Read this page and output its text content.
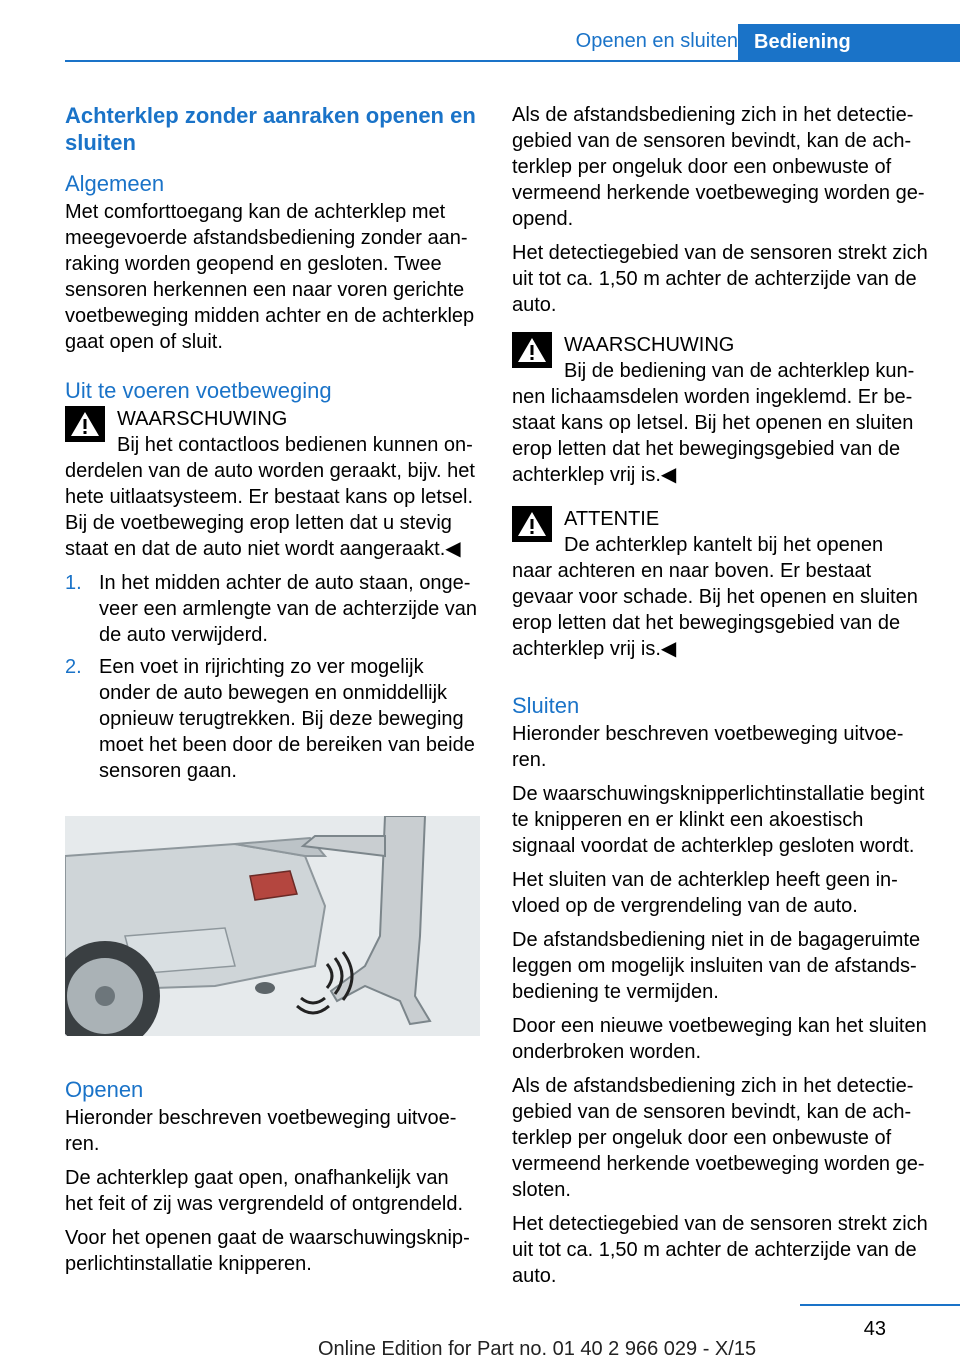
Openen en sluiten Bediening
Achterklep zonder aanraken openen en sluiten
Algemeen

Met comforttoegang kan de achterklep met meegevoerde afstandsbediening zonder aanraking worden geopend en gesloten. Twee sensoren herkennen een naar voren gerichte voetbeweging midden achter en de achterklep gaat open of sluit.

Uit te voeren voetbeweging
WAARSCHUWING
Bij het contactloos bedienen kunnen onderdelen van de auto worden geraakt, bijv. het hete uitlaatsysteem. Er bestaat kans op letsel. Bij de voetbeweging erop letten dat u stevig staat en dat de auto niet wordt aangeraakt.◀
1. In het midden achter de auto staan, ongeveer een armlengte van de achterzijde van de auto verwijderd.
2. Een voet in rijrichting zo ver mogelijk onder de auto bewegen en onmiddellijk opnieuw terugtrekken. Bij deze beweging moet het been door de bereiken van beide sensoren gaan.
Openen

Hieronder beschreven voetbeweging uitvoeren.

De achterklep gaat open, onafhankelijk van het feit of zij was vergrendeld of ontgrendeld.

Voor het openen gaat de waarschuwingsknipperlichtinstallatie knipperen.

Als de afstandsbediening zich in het detectiegebied van de sensoren bevindt, kan de achterklep per ongeluk door een onbewuste of vermeend herkende voetbeweging worden geopend.

Het detectiegebied van de sensoren strekt zich uit tot ca. 1,50 m achter de achterzijde van de auto.

WAARSCHUWING
Bij de bediening van de achterklep kunnen lichaamsdelen worden ingeklemd. Er bestaat kans op letsel. Bij het openen en sluiten erop letten dat het bewegingsgebied van de achterklep vrij is.◀
ATTENTIE
De achterklep kantelt bij het openen naar achteren en naar boven. Er bestaat gevaar voor schade. Bij het openen en sluiten erop letten dat het bewegingsgebied van de achterklep vrij is.◀
Sluiten

Hieronder beschreven voetbeweging uitvoeren.

De waarschuwingsknipperlichtinstallatie begint te knipperen en er klinkt een akoestisch signaal voordat de achterklep gesloten wordt.

Het sluiten van de achterklep heeft geen invloed op de vergrendeling van de auto.

De afstandsbediening niet in de bagageruimte leggen om mogelijk insluiten van de afstandsbediening te vermijden.

Door een nieuwe voetbeweging kan het sluiten onderbroken worden.

Als de afstandsbediening zich in het detectiegebied van de sensoren bevindt, kan de achterklep per ongeluk door een onbewuste of vermeend herkende voetbeweging worden gesloten.

Het detectiegebied van de sensoren strekt zich uit tot ca. 1,50 m achter de achterzijde van de auto.

43
Online Edition for Part no. 01 40 2 966 029 - X/15
